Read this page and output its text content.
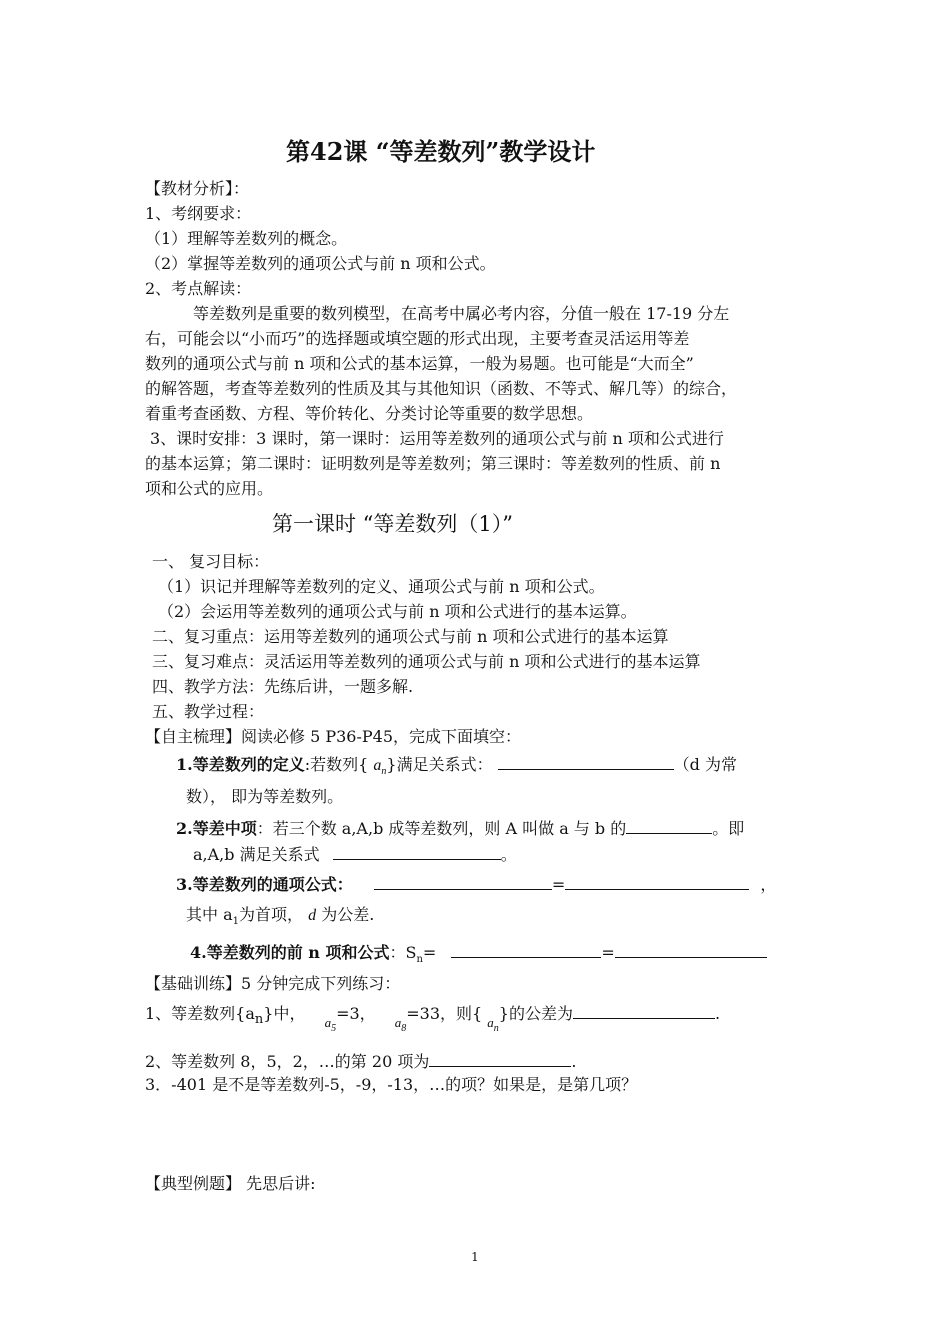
第42课 “等差数列”教学设计
【教材分析】：
1、考纲要求：
（1）理解等差数列的概念。
（2）掌握等差数列的通项公式与前 n 项和公式。
2、考点解读：
等差数列是重要的数列模型，在高考中属必考内容，分值一般在 17-19 分左
右，可能会以“小而巧”的选择题或填空题的形式出现，主要考查灵活运用等差
数列的通项公式与前 n 项和公式的基本运算，一般为易题。也可能是“大而全”
的解答题，考查等差数列的性质及其与其他知识（函数、不等式、解几等）的综合，
着重考查函数、方程、等价转化、分类讨论等重要的数学思想。
3、课时安排：3 课时，第一课时：运用等差数列的通项公式与前 n 项和公式进行
的基本运算；第二课时：证明数列是等差数列；第三课时：等差数列的性质、前 n
项和公式的应用。
第一课时 “等差数列（1）”
一、 复习目标：
（1）识记并理解等差数列的定义、通项公式与前 n 项和公式。
（2）会运用等差数列的通项公式与前 n 项和公式进行的基本运算。
二、复习重点：运用等差数列的通项公式与前 n 项和公式进行的基本运算
三、复习难点：灵活运用等差数列的通项公式与前 n 项和公式进行的基本运算
四、教学方法：先练后讲，一题多解.
五、教学过程：
【自主梳理】阅读必修 5 P36-P45，完成下面填空：
1.等差数列的定义:若数列{ $a_n$}满足关系式：	（d 为常
数）， 即为等差数列。
2.等差中项：若三个数 a,A,b 成等差数列，则 A 叫做 a 与 b 的	。即
a,A,b 满足关系式	。
3.等差数列的通项公式：	=	，
其中 $a_1$为首项， d 为公差.
4.等差数列的前 n 项和公式：$S_n=$	=
【基础训练】5 分钟完成下列练习：
1、等差数列$\{a_n\}$中， $_{a_5}$=3， $_{a_8}$=33，则{ $_{a_n}$}的公差为	.
2、等差数列 8，5，2，…的第 20 项为	.
3．-401 是不是等差数列-5，-9，-13，…的项？如果是，是第几项？
【典型例题】 先思后讲:
1
